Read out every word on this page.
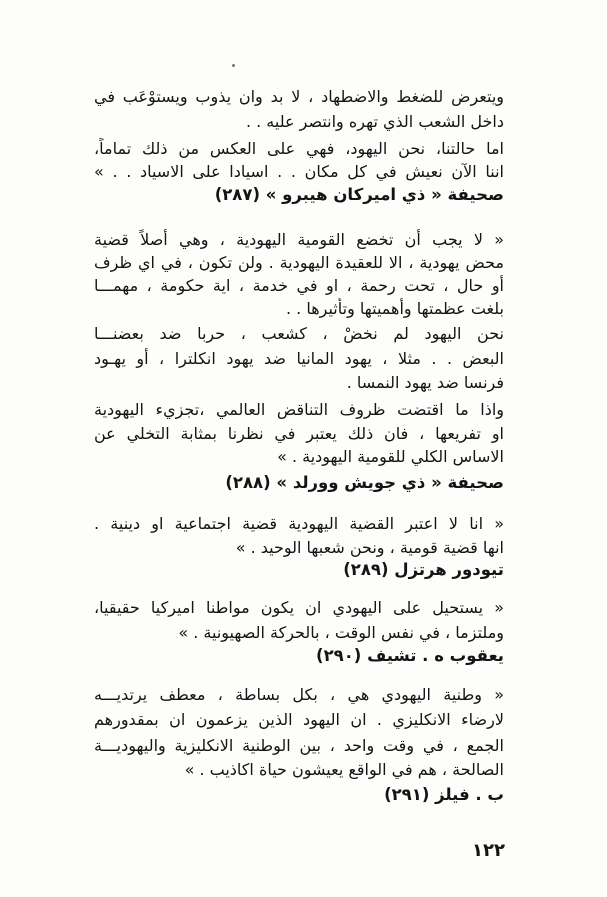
ويتعرض للضغط والاضطهاد ، لا بد وان يذوب ويستوْعَب في
داخل الشعب الذي تهره وانتصر عليه . .
اما حالتنا، نحن اليهود، فهي على العكس من ذلك تماماً،
اننا الآن نعيش في كل مكان . . اسيادا على الاسياد . . »
صحيفة « ذي اميركان هيبرو » (٢٨٧)
« لا يجب أن تخضع القومية اليهودية ، وهي أصلاً قضية
محض يهودية ، الا للعقيدة اليهودية . ولن تكون ، في اي ظرف
أو حال ، تحت رحمة ، او في خدمة ، اية حكومة ، مهمـــا
بلغت عظمتها وأهميتها وتأثيرها . .
نحن اليهود لم نخضْ ، كشعب ، حربا ضد بعضنـــا
البعض . . مثلا ، يهود المانيا ضد يهود انكلترا ، أو يهـود
فرنسا ضد يهود النمسا .
واذا ما اقتضت ظروف التناقض العالمي ،تجزيء اليهودية
او تفريعها ، فان ذلك يعتبر في نظرنا بمثابة التخلي عن
الاساس الكلي للقومية اليهودية . »
صحيفة « ذي جويش وورلد » (٢٨٨)
« انا لا اعتبر القضية اليهودية قضية اجتماعية او دينية .
انها قضية قومية ، ونحن شعبها الوحيد . »
تيودور هرتزل (٢٨٩)
« يستحيل على اليهودي ان يكون مواطنا اميركيا حقيقيا،
وملتزما ، في نفس الوقت ، بالحركة الصهيونية . »
يعقوب ه . تشيف (٢٩٠)
« وطنية اليهودي هي ، بكل بساطة ، معطف يرتديـــه
لارضاء الانكليزي . ان اليهود الذين يزعمون ان بمقدورهم
الجمع ، في وقت واحد ، بين الوطنية الانكليزية واليهوديـــة
الصالحة ، هم في الواقع يعيشون حياة اكاذيب . »
ب . فيلز (٢٩١)
١٢٢
